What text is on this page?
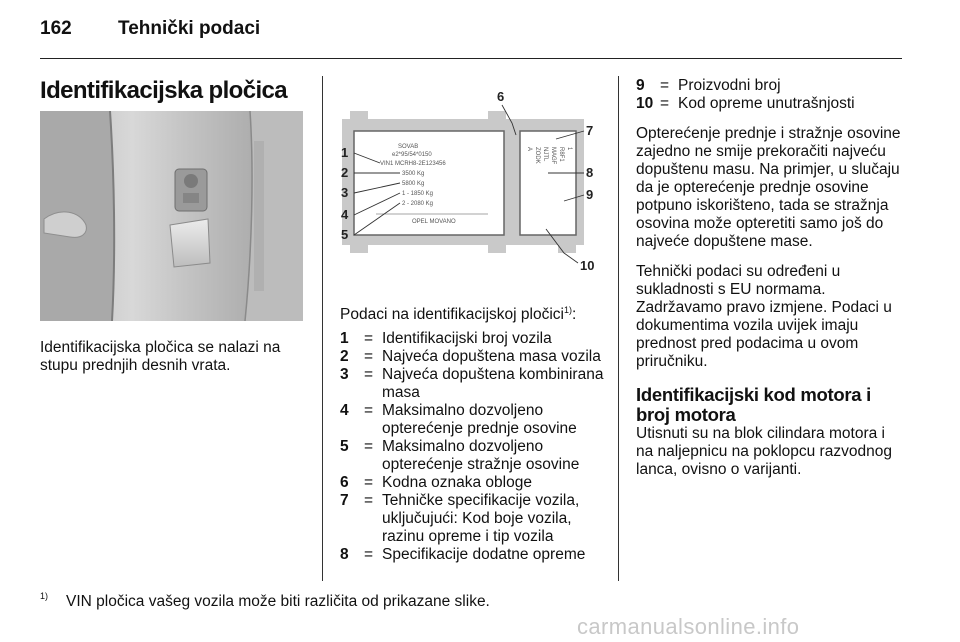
162 Tehnički podaci
Identifikacijska pločica

Identifikacijska pločica se nalazi na stupu prednjih desnih vrata.

SOVAB
e2*95/54*0150
VIN1 MCRH8-2E123456
3500 Kg
5800 Kg
1 - 1850 Kg
2 - 2080 Kg
OPEL MOVANO
A ZODK NJTL MAGF R8F1 1
1
2
3
4
5
6
7
8
9
10

Podaci na identifikacijskoj pločici$^{1)}$:

1 = Identifikacijski broj vozila
2 = Najveća dopuštena masa vozila
3 = Najveća dopuštena kombinirana masa
4 = Maksimalno dozvoljeno opterećenje prednje osovine
5 = Maksimalno dozvoljeno opterećenje stražnje osovine
6 = Kodna oznaka obloge
7 = Tehničke specifikacije vozila, uključujući: Kod boje vozila, razinu opreme i tip vozila
8 = Specifikacije dodatne opreme
9 = Proizvodni broj
10 = Kod opreme unutrašnjosti

Opterećenje prednje i stražnje osovine zajedno ne smije prekoračiti najveću dopuštenu masu. Na primjer, u slučaju da je opterećenje prednje osovine potpuno iskorišteno, tada se stražnja osovina može opteretiti samo još do najveće dopuštene mase.

Tehnički podaci su određeni u sukladnosti s EU normama. Zadržavamo pravo izmjene. Podaci u dokumentima vozila uvijek imaju prednost pred podacima u ovom priručniku.

Identifikacijski kod motora i broj motora

Utisnuti su na blok cilindara motora i na naljepnicu na poklopcu razvodnog lanca, ovisno o varijanti.

$^{1)}$ VIN pločica vašeg vozila može biti različita od prikazane slike.
carmanualsonline.info
